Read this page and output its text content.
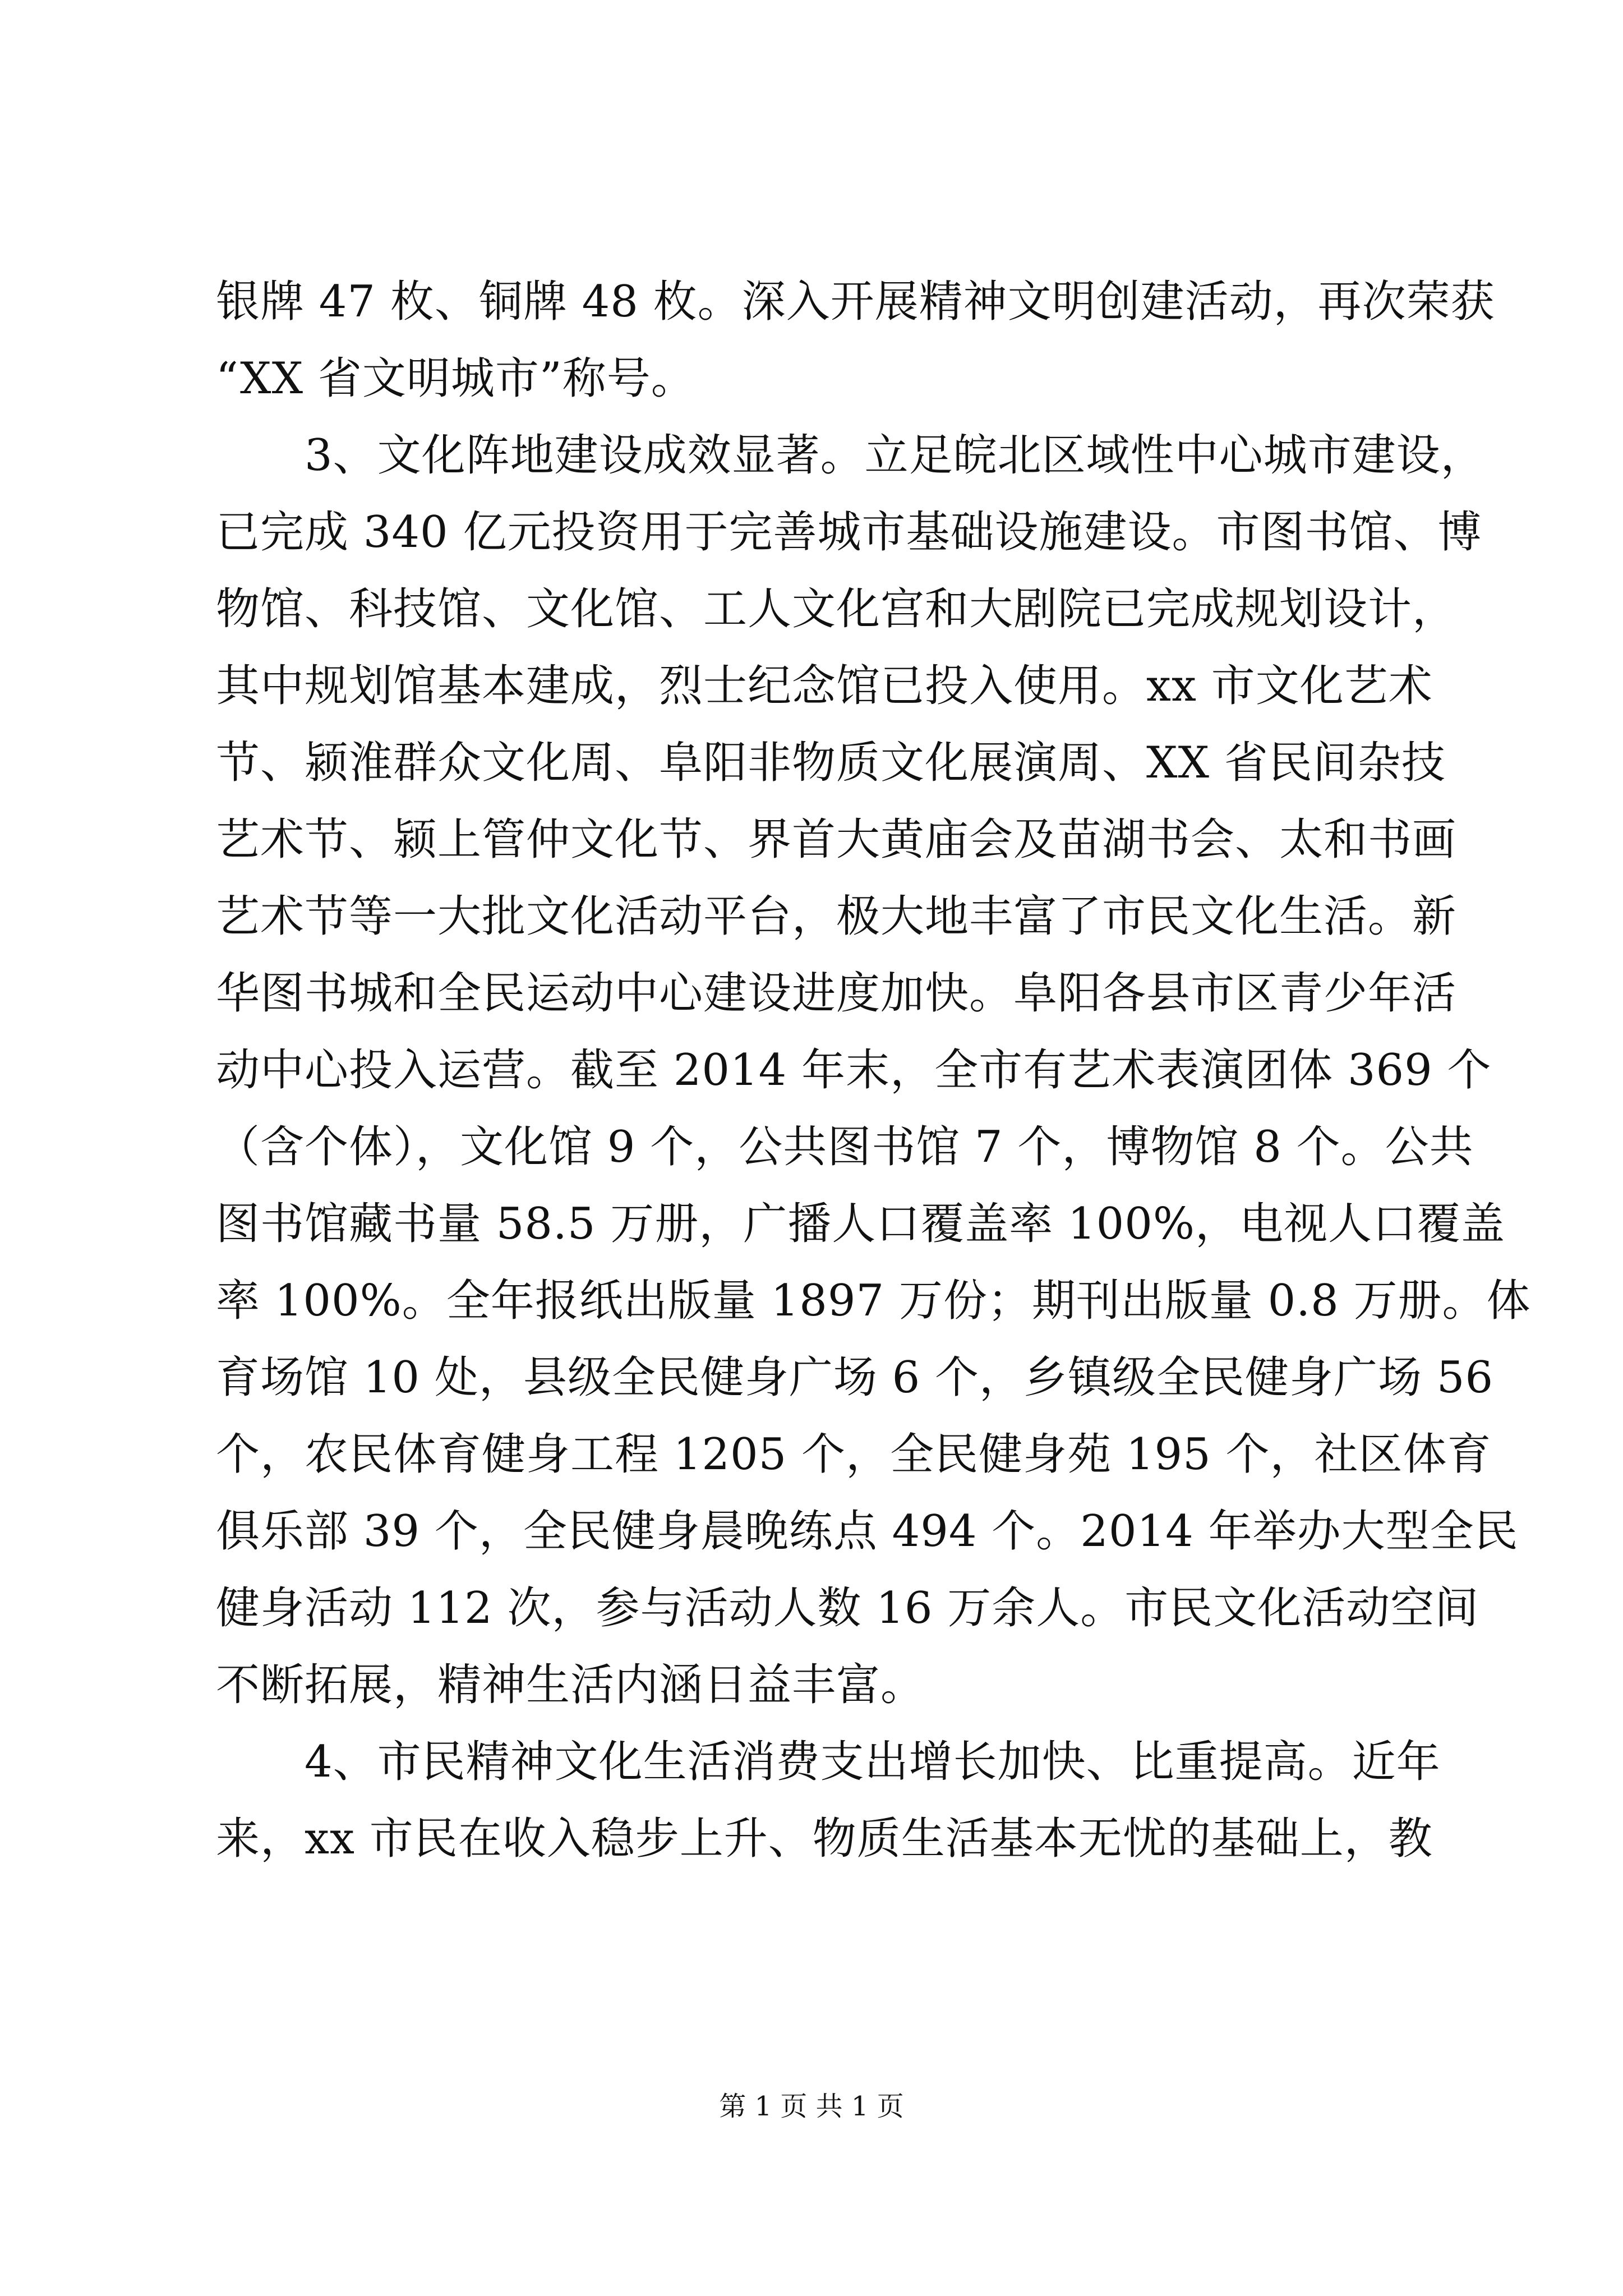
银牌 47 枚、铜牌 48 枚。深入开展精神文明创建活动，再次荣获
“XX 省文明城市”称号。
　　3、文化阵地建设成效显著。立足皖北区域性中心城市建设，
已完成 340 亿元投资用于完善城市基础设施建设。市图书馆、博
物馆、科技馆、文化馆、工人文化宫和大剧院已完成规划设计，
其中规划馆基本建成，烈士纪念馆已投入使用。xx 市文化艺术
节、颍淮群众文化周、阜阳非物质文化展演周、XX 省民间杂技
艺术节、颍上管仲文化节、界首大黄庙会及苗湖书会、太和书画
艺术节等一大批文化活动平台，极大地丰富了市民文化生活。新
华图书城和全民运动中心建设进度加快。阜阳各县市区青少年活
动中心投入运营。截至 2014 年末，全市有艺术表演团体 369 个
（含个体），文化馆 9 个，公共图书馆 7 个，博物馆 8 个。公共
图书馆藏书量 58.5 万册，广播人口覆盖率 100%，电视人口覆盖
率 100%。全年报纸出版量 1897 万份；期刊出版量 0.8 万册。体
育场馆 10 处，县级全民健身广场 6 个，乡镇级全民健身广场 56
个，农民体育健身工程 1205 个，全民健身苑 195 个，社区体育
俱乐部 39 个，全民健身晨晚练点 494 个。2014 年举办大型全民
健身活动 112 次，参与活动人数 16 万余人。市民文化活动空间
不断拓展，精神生活内涵日益丰富。
　　4、市民精神文化生活消费支出增长加快、比重提高。近年
来，xx 市民在收入稳步上升、物质生活基本无忧的基础上，教
第 1 页 共 1 页
